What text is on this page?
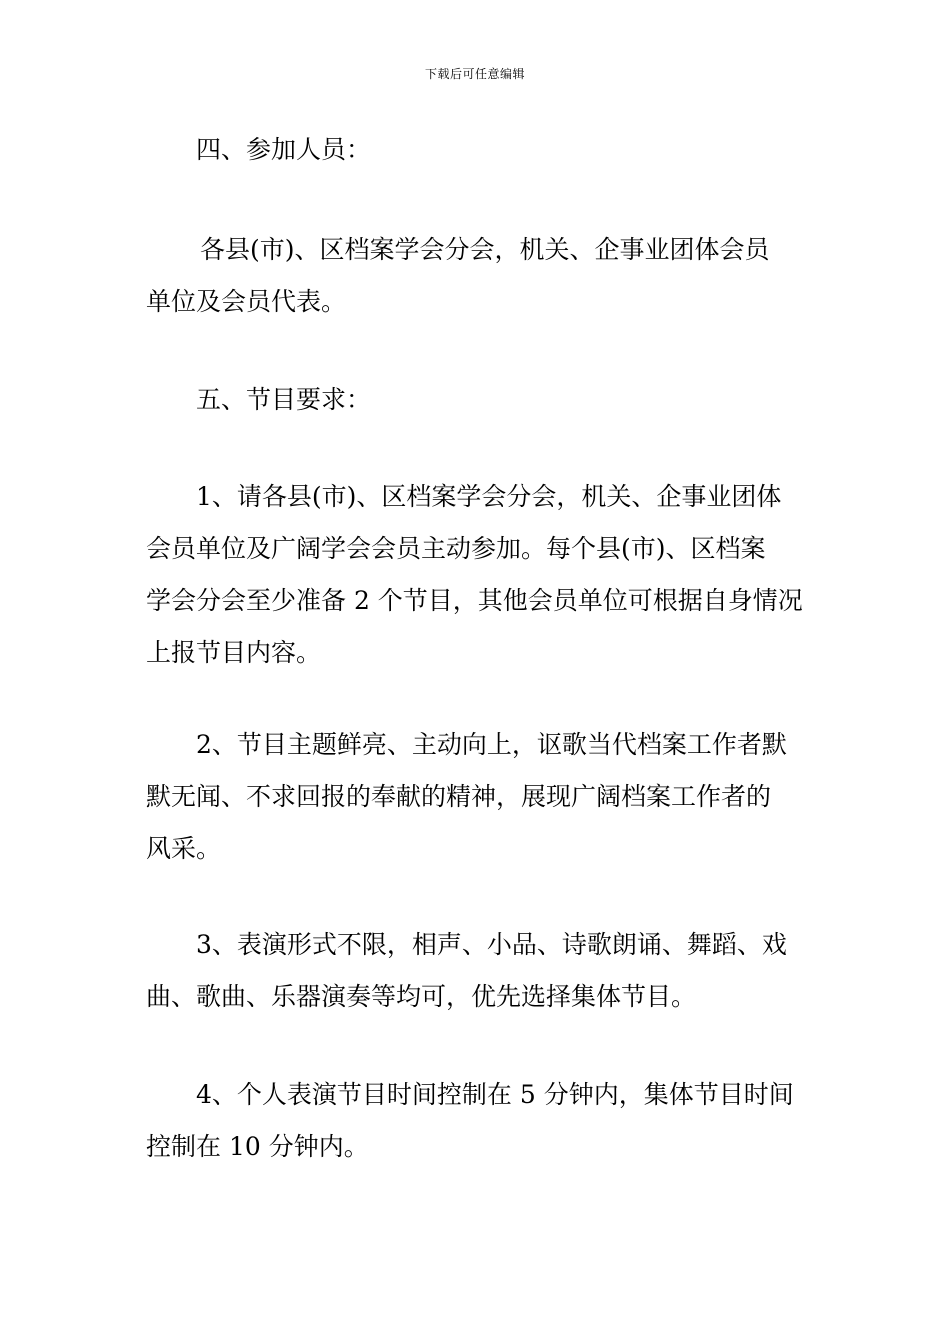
下载后可任意编辑
四、参加人员：
各县(市)、区档案学会分会，机关、企事业团体会员
单位及会员代表。
五、节目要求：
1、请各县(市)、区档案学会分会，机关、企事业团体
会员单位及广阔学会会员主动参加。每个县(市)、区档案
学会分会至少准备 2 个节目，其他会员单位可根据自身情况
上报节目内容。
2、节目主题鲜亮、主动向上，讴歌当代档案工作者默
默无闻、不求回报的奉献的精神，展现广阔档案工作者的
风采。
3、表演形式不限，相声、小品、诗歌朗诵、舞蹈、戏
曲、歌曲、乐器演奏等均可，优先选择集体节目。
4、个人表演节目时间控制在 5 分钟内，集体节目时间
控制在 10 分钟内。
